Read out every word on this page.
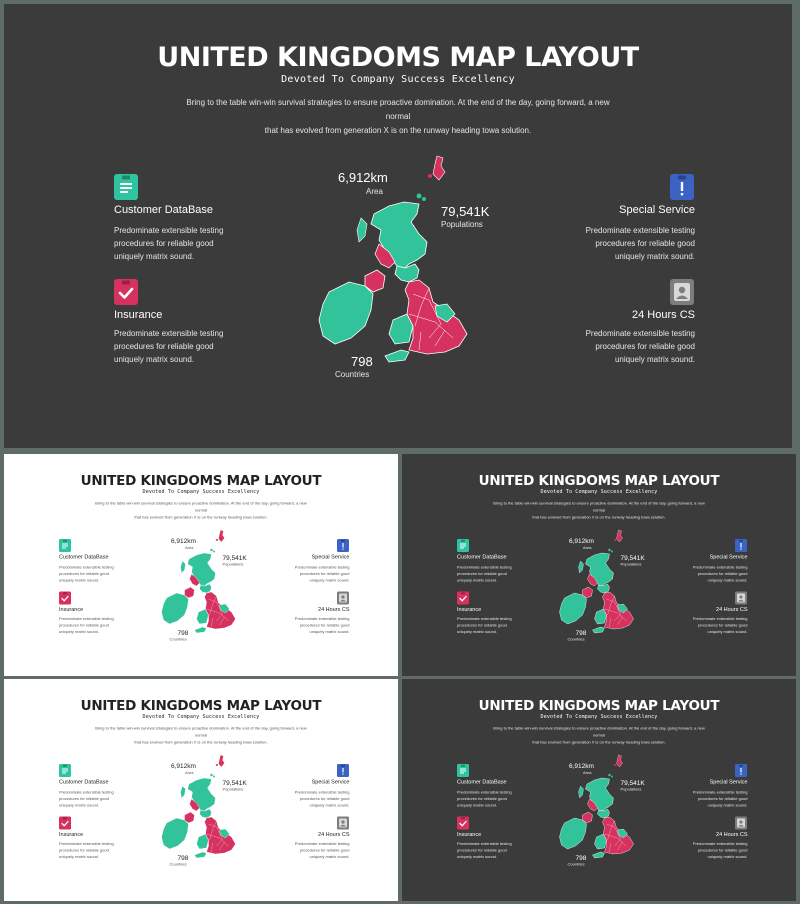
UNITED KINGDOMS MAP LAYOUT
Devoted To Company Success Excellency
Bring to the table win-win survival strategies to ensure proactive domination. At the end of the day, going forward, a new normal
that has evolved from generation X is on the runway heading towa solution.
Customer DataBase
Predominate extensible testing
procedures for reliable good
uniquely matrix sound.
Insurance
Predominate extensible testing
procedures for reliable good
uniquely matrix sound.
Special Service
Predominate extensible testing
procedures for reliable good
uniquely matrix sound.
24 Hours CS
Predominate extensible testing
procedures for reliable good
uniquely matrix sound.
6,912km
Area
79,541K
Populations
798
Countries
UNITED KINGDOMS MAP LAYOUT
Devoted To Company Success Excellency
Bring to the table win-win survival strategies to ensure proactive domination. At the end of the day, going forward, a new normal
that has evolved from generation X is on the runway heading towa solution.
Customer DataBase
Predominate extensible testing
procedures for reliable good
uniquely matrix sound.
Insurance
Predominate extensible testing
procedures for reliable good
uniquely matrix sound.
Special Service
Predominate extensible testing
procedures for reliable good
uniquely matrix sound.
24 Hours CS
Predominate extensible testing
procedures for reliable good
uniquely matrix sound.
6,912km
Area
79,541K
Populations
798
Countries
UNITED KINGDOMS MAP LAYOUT
Devoted To Company Success Excellency
Bring to the table win-win survival strategies to ensure proactive domination. At the end of the day, going forward, a new normal
that has evolved from generation X is on the runway heading towa solution.
Customer DataBase
Predominate extensible testing
procedures for reliable good
uniquely matrix sound.
Insurance
Predominate extensible testing
procedures for reliable good
uniquely matrix sound.
Special Service
Predominate extensible testing
procedures for reliable good
uniquely matrix sound.
24 Hours CS
Predominate extensible testing
procedures for reliable good
uniquely matrix sound.
6,912km
Area
79,541K
Populations
798
Countries
UNITED KINGDOMS MAP LAYOUT
Devoted To Company Success Excellency
Bring to the table win-win survival strategies to ensure proactive domination. At the end of the day, going forward, a new normal
that has evolved from generation X is on the runway heading towa solution.
Customer DataBase
Predominate extensible testing
procedures for reliable good
uniquely matrix sound.
Insurance
Predominate extensible testing
procedures for reliable good
uniquely matrix sound.
Special Service
Predominate extensible testing
procedures for reliable good
uniquely matrix sound.
24 Hours CS
Predominate extensible testing
procedures for reliable good
uniquely matrix sound.
6,912km
Area
79,541K
Populations
798
Countries
UNITED KINGDOMS MAP LAYOUT
Devoted To Company Success Excellency
Bring to the table win-win survival strategies to ensure proactive domination. At the end of the day, going forward, a new normal
that has evolved from generation X is on the runway heading towa solution.
Customer DataBase
Predominate extensible testing
procedures for reliable good
uniquely matrix sound.
Insurance
Predominate extensible testing
procedures for reliable good
uniquely matrix sound.
Special Service
Predominate extensible testing
procedures for reliable good
uniquely matrix sound.
24 Hours CS
Predominate extensible testing
procedures for reliable good
uniquely matrix sound.
6,912km
Area
79,541K
Populations
798
Countries
